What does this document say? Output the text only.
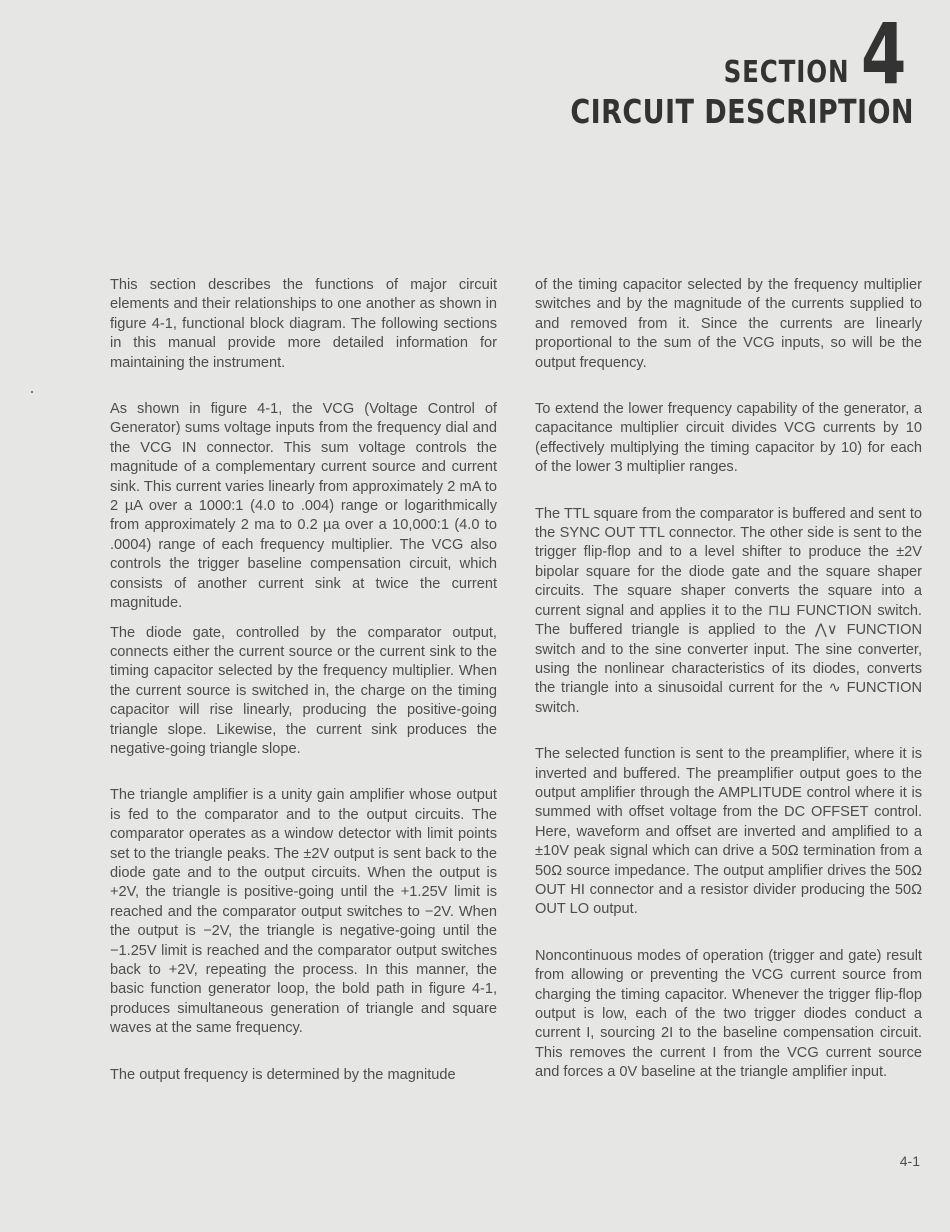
SECTION 4
CIRCUIT DESCRIPTION

This section describes the functions of major circuit elements and their relationships to one another as shown in figure 4-1, functional block diagram. The following sections in this manual provide more detailed information for maintaining the instrument.

As shown in figure 4-1, the VCG (Voltage Control of Generator) sums voltage inputs from the frequency dial and the VCG IN connector. This sum voltage controls the magnitude of a complementary current source and current sink. This current varies linearly from approximately 2 mA to 2 µA over a 1000:1 (4.0 to .004) range or logarithmically from approximately 2 ma to 0.2 µa over a 10,000:1 (4.0 to .0004) range of each frequency multiplier. The VCG also controls the trigger baseline compensation circuit, which consists of another current sink at twice the current magnitude.

The diode gate, controlled by the comparator output, connects either the current source or the current sink to the timing capacitor selected by the frequency multiplier. When the current source is switched in, the charge on the timing capacitor will rise linearly, producing the positive-going triangle slope. Likewise, the current sink produces the negative-going triangle slope.

The triangle amplifier is a unity gain amplifier whose output is fed to the comparator and to the output circuits. The comparator operates as a window detector with limit points set to the triangle peaks. The ±2V output is sent back to the diode gate and to the output circuits. When the output is +2V, the triangle is positive-going until the +1.25V limit is reached and the comparator output switches to −2V. When the output is −2V, the triangle is negative-going until the −1.25V limit is reached and the comparator output switches back to +2V, repeating the process. In this manner, the basic function generator loop, the bold path in figure 4-1, produces simultaneous generation of triangle and square waves at the same frequency.

The output frequency is determined by the magnitude

of the timing capacitor selected by the frequency multiplier switches and by the magnitude of the currents supplied to and removed from it. Since the currents are linearly proportional to the sum of the VCG inputs, so will be the output frequency.

To extend the lower frequency capability of the generator, a capacitance multiplier circuit divides VCG currents by 10 (effectively multiplying the timing capacitor by 10) for each of the lower 3 multiplier ranges.

The TTL square from the comparator is buffered and sent to the SYNC OUT TTL connector. The other side is sent to the trigger flip-flop and to a level shifter to produce the ±2V bipolar square for the diode gate and the square shaper circuits. The square shaper converts the square into a current signal and applies it to the ⊓⊔ FUNCTION switch. The buffered triangle is applied to the ⋀∨ FUNCTION switch and to the sine converter input. The sine converter, using the nonlinear characteristics of its diodes, converts the triangle into a sinusoidal current for the ∿ FUNCTION switch.

The selected function is sent to the preamplifier, where it is inverted and buffered. The preamplifier output goes to the output amplifier through the AMPLITUDE control where it is summed with offset voltage from the DC OFFSET control. Here, waveform and offset are inverted and amplified to a ±10V peak signal which can drive a 50Ω termination from a 50Ω source impedance. The output amplifier drives the 50Ω OUT HI connector and a resistor divider producing the 50Ω OUT LO output.

Noncontinuous modes of operation (trigger and gate) result from allowing or preventing the VCG current source from charging the timing capacitor. Whenever the trigger flip-flop output is low, each of the two trigger diodes conduct a current I, sourcing 2I to the baseline compensation circuit. This removes the current I from the VCG current source and forces a 0V baseline at the triangle amplifier input.

4-1
